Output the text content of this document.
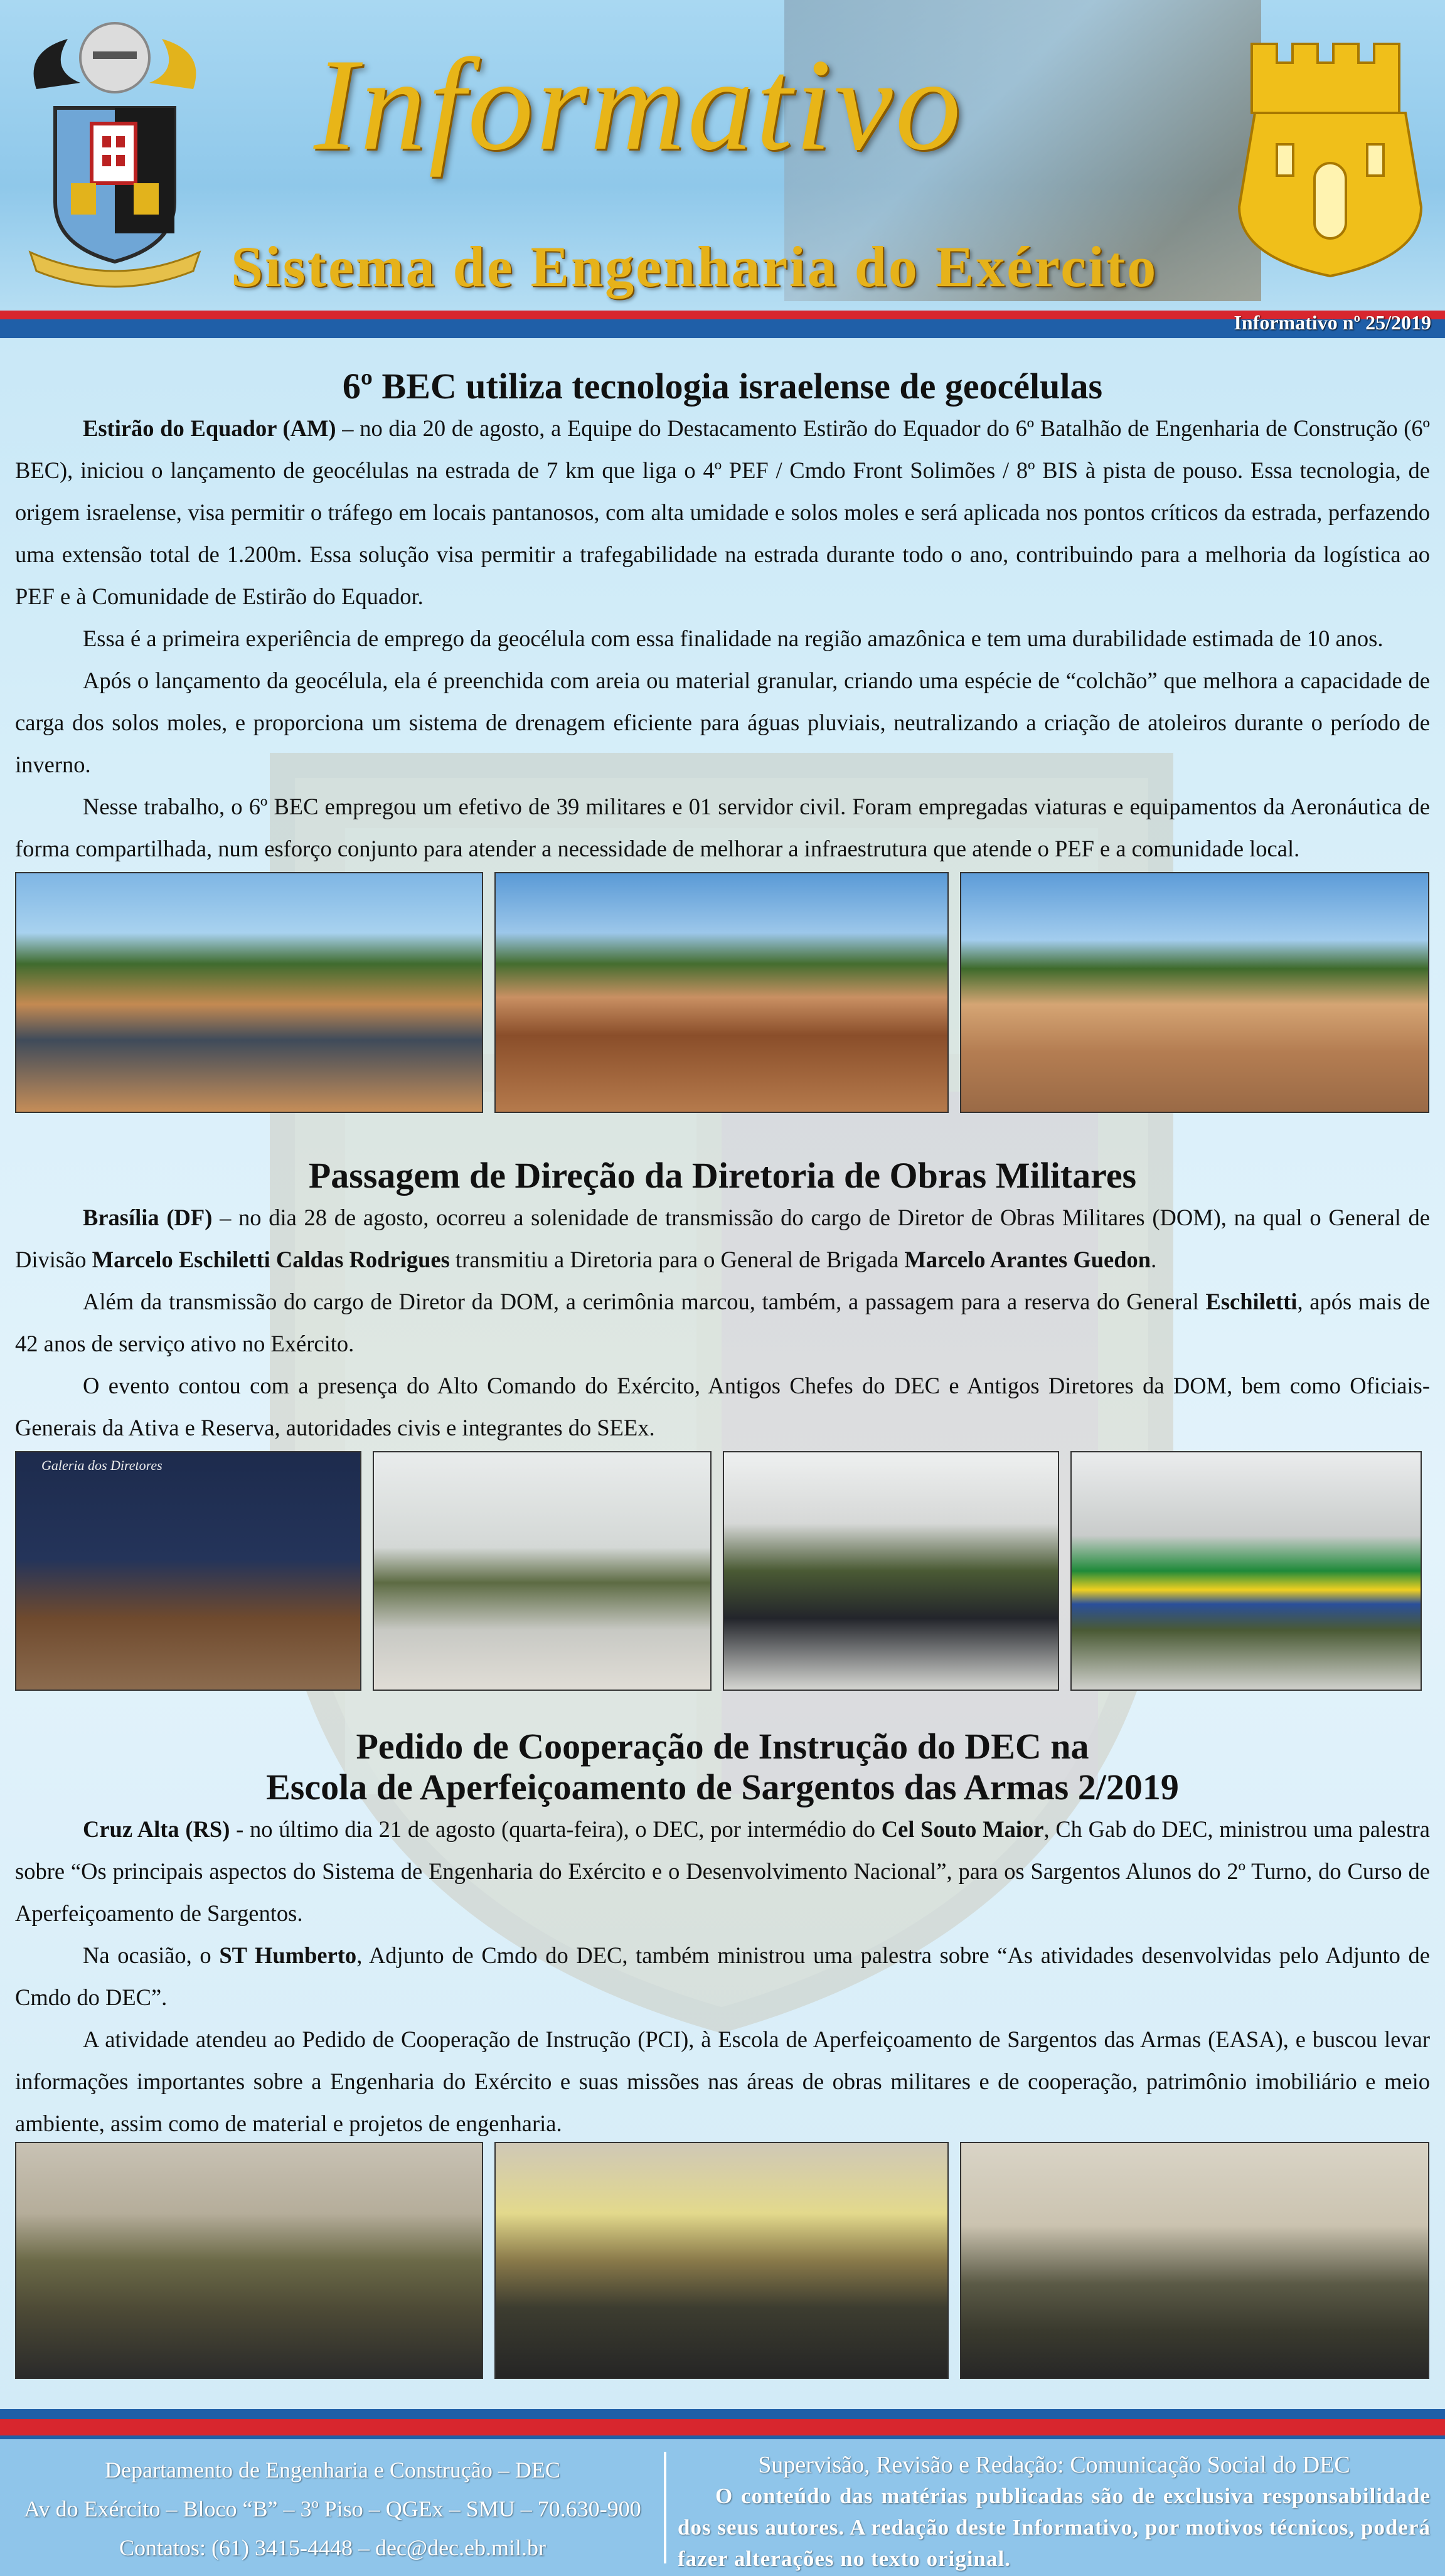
Informativo
Sistema de Engenharia do Exército
Informativo nº 25/2019
6º BEC utiliza tecnologia israelense de geocélulas

Estirão do Equador (AM) – no dia 20 de agosto, a Equipe do Destacamento Estirão do Equador do 6º Batalhão de Engenharia de Construção (6º BEC), iniciou o lançamento de geocélulas na estrada de 7 km que liga o 4º PEF / Cmdo Front Solimões / 8º BIS à pista de pouso. Essa tecnologia, de origem israelense, visa permitir o tráfego em locais pantanosos, com alta umidade e solos moles e será aplicada nos pontos críticos da estrada, perfazendo uma extensão total de 1.200m. Essa solução visa permitir a trafegabilidade na estrada durante todo o ano, contribuindo para a melhoria da logística ao PEF e à Comunidade de Estirão do Equador.

Essa é a primeira experiência de emprego da geocélula com essa finalidade na região amazônica e tem uma durabilidade estimada de 10 anos.

Após o lançamento da geocélula, ela é preenchida com areia ou material granular, criando uma espécie de “colchão” que melhora a capacidade de carga dos solos moles, e proporciona um sistema de drenagem eficiente para águas pluviais, neutralizando a criação de atoleiros durante o período de inverno.

Nesse trabalho, o 6º BEC empregou um efetivo de 39 militares e 01 servidor civil. Foram empregadas viaturas e equipamentos da Aeronáutica de forma compartilhada, num esforço conjunto para atender a necessidade de melhorar a infraestrutura que atende o PEF e a comunidade local.

Passagem de Direção da Diretoria de Obras Militares

Brasília (DF) – no dia 28 de agosto, ocorreu a solenidade de transmissão do cargo de Diretor de Obras Militares (DOM), na qual o General de Divisão Marcelo Eschiletti Caldas Rodrigues transmitiu a Diretoria para o General de Brigada Marcelo Arantes Guedon.

Além da transmissão do cargo de Diretor da DOM, a cerimônia marcou, também, a passagem para a reserva do General Eschiletti, após mais de 42 anos de serviço ativo no Exército.

O evento contou com a presença do Alto Comando do Exército, Antigos Chefes do DEC e Antigos Diretores da DOM, bem como Oficiais-Generais da Ativa e Reserva, autoridades civis e integrantes do SEEx.

Galeria dos Diretores
Pedido de Cooperação de Instrução do DEC na
Escola de Aperfeiçoamento de Sargentos das Armas 2/2019

Cruz Alta (RS) - no último dia 21 de agosto (quarta-feira), o DEC, por intermédio do Cel Souto Maior, Ch Gab do DEC, ministrou uma palestra sobre “Os principais aspectos do Sistema de Engenharia do Exército e o Desenvolvimento Nacional”, para os Sargentos Alunos do 2º Turno, do Curso de Aperfeiçoamento de Sargentos.

Na ocasião, o ST Humberto, Adjunto de Cmdo do DEC, também ministrou uma palestra sobre “As atividades desenvolvidas pelo Adjunto de Cmdo do DEC”.

A atividade atendeu ao Pedido de Cooperação de Instrução (PCI), à Escola de Aperfeiçoamento de Sargentos das Armas (EASA), e buscou levar informações importantes sobre a Engenharia do Exército e suas missões nas áreas de obras militares e de cooperação, patrimônio imobiliário e meio ambiente, assim como de material e projetos de engenharia.

Departamento de Engenharia e Construção – DEC
Av do Exército – Bloco “B” – 3º Piso – QGEx – SMU – 70.630-900
Contatos: (61) 3415-4448 – dec@dec.eb.mil.br
Supervisão, Revisão e Redação: Comunicação Social do DEC
O conteúdo das matérias publicadas são de exclusiva responsabilidade dos seus autores. A redação deste Informativo, por motivos técnicos, poderá fazer alterações no texto original.
